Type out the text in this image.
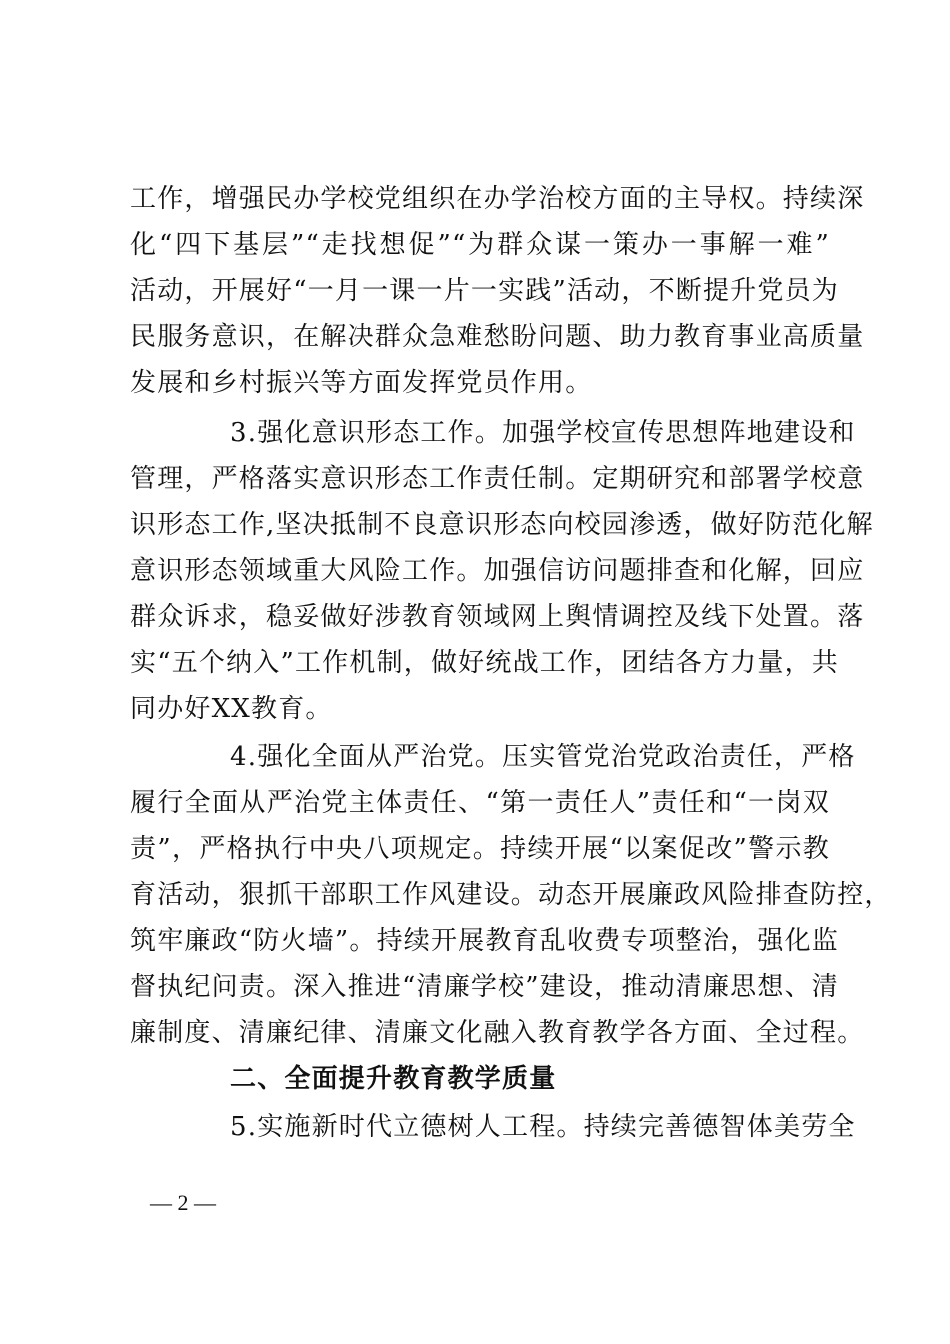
工作，增强民办学校党组织在办学治校方面的主导权。持续深
化“四下基层”“走找想促”“为群众谋一策办一事解一难”
活动，开展好“一月一课一片一实践”活动，不断提升党员为
民服务意识，在解决群众急难愁盼问题、助力教育事业高质量
发展和乡村振兴等方面发挥党员作用。
3.强化意识形态工作。加强学校宣传思想阵地建设和
管理，严格落实意识形态工作责任制。定期研究和部署学校意
识形态工作,坚决抵制不良意识形态向校园渗透，做好防范化解
意识形态领域重大风险工作。加强信访问题排查和化解，回应
群众诉求，稳妥做好涉教育领域网上舆情调控及线下处置。落
实“五个纳入”工作机制，做好统战工作，团结各方力量，共
同办好XX教育。
4.强化全面从严治党。压实管党治党政治责任，严格
履行全面从严治党主体责任、“第一责任人”责任和“一岗双
责”，严格执行中央八项规定。持续开展“以案促改”警示教
育活动，狠抓干部职工作风建设。动态开展廉政风险排查防控，
筑牢廉政“防火墙”。持续开展教育乱收费专项整治，强化监
督执纪问责。深入推进“清廉学校”建设，推动清廉思想、清
廉制度、清廉纪律、清廉文化融入教育教学各方面、全过程。
二、全面提升教育教学质量
5.实施新时代立德树人工程。持续完善德智体美劳全
— 2 —
